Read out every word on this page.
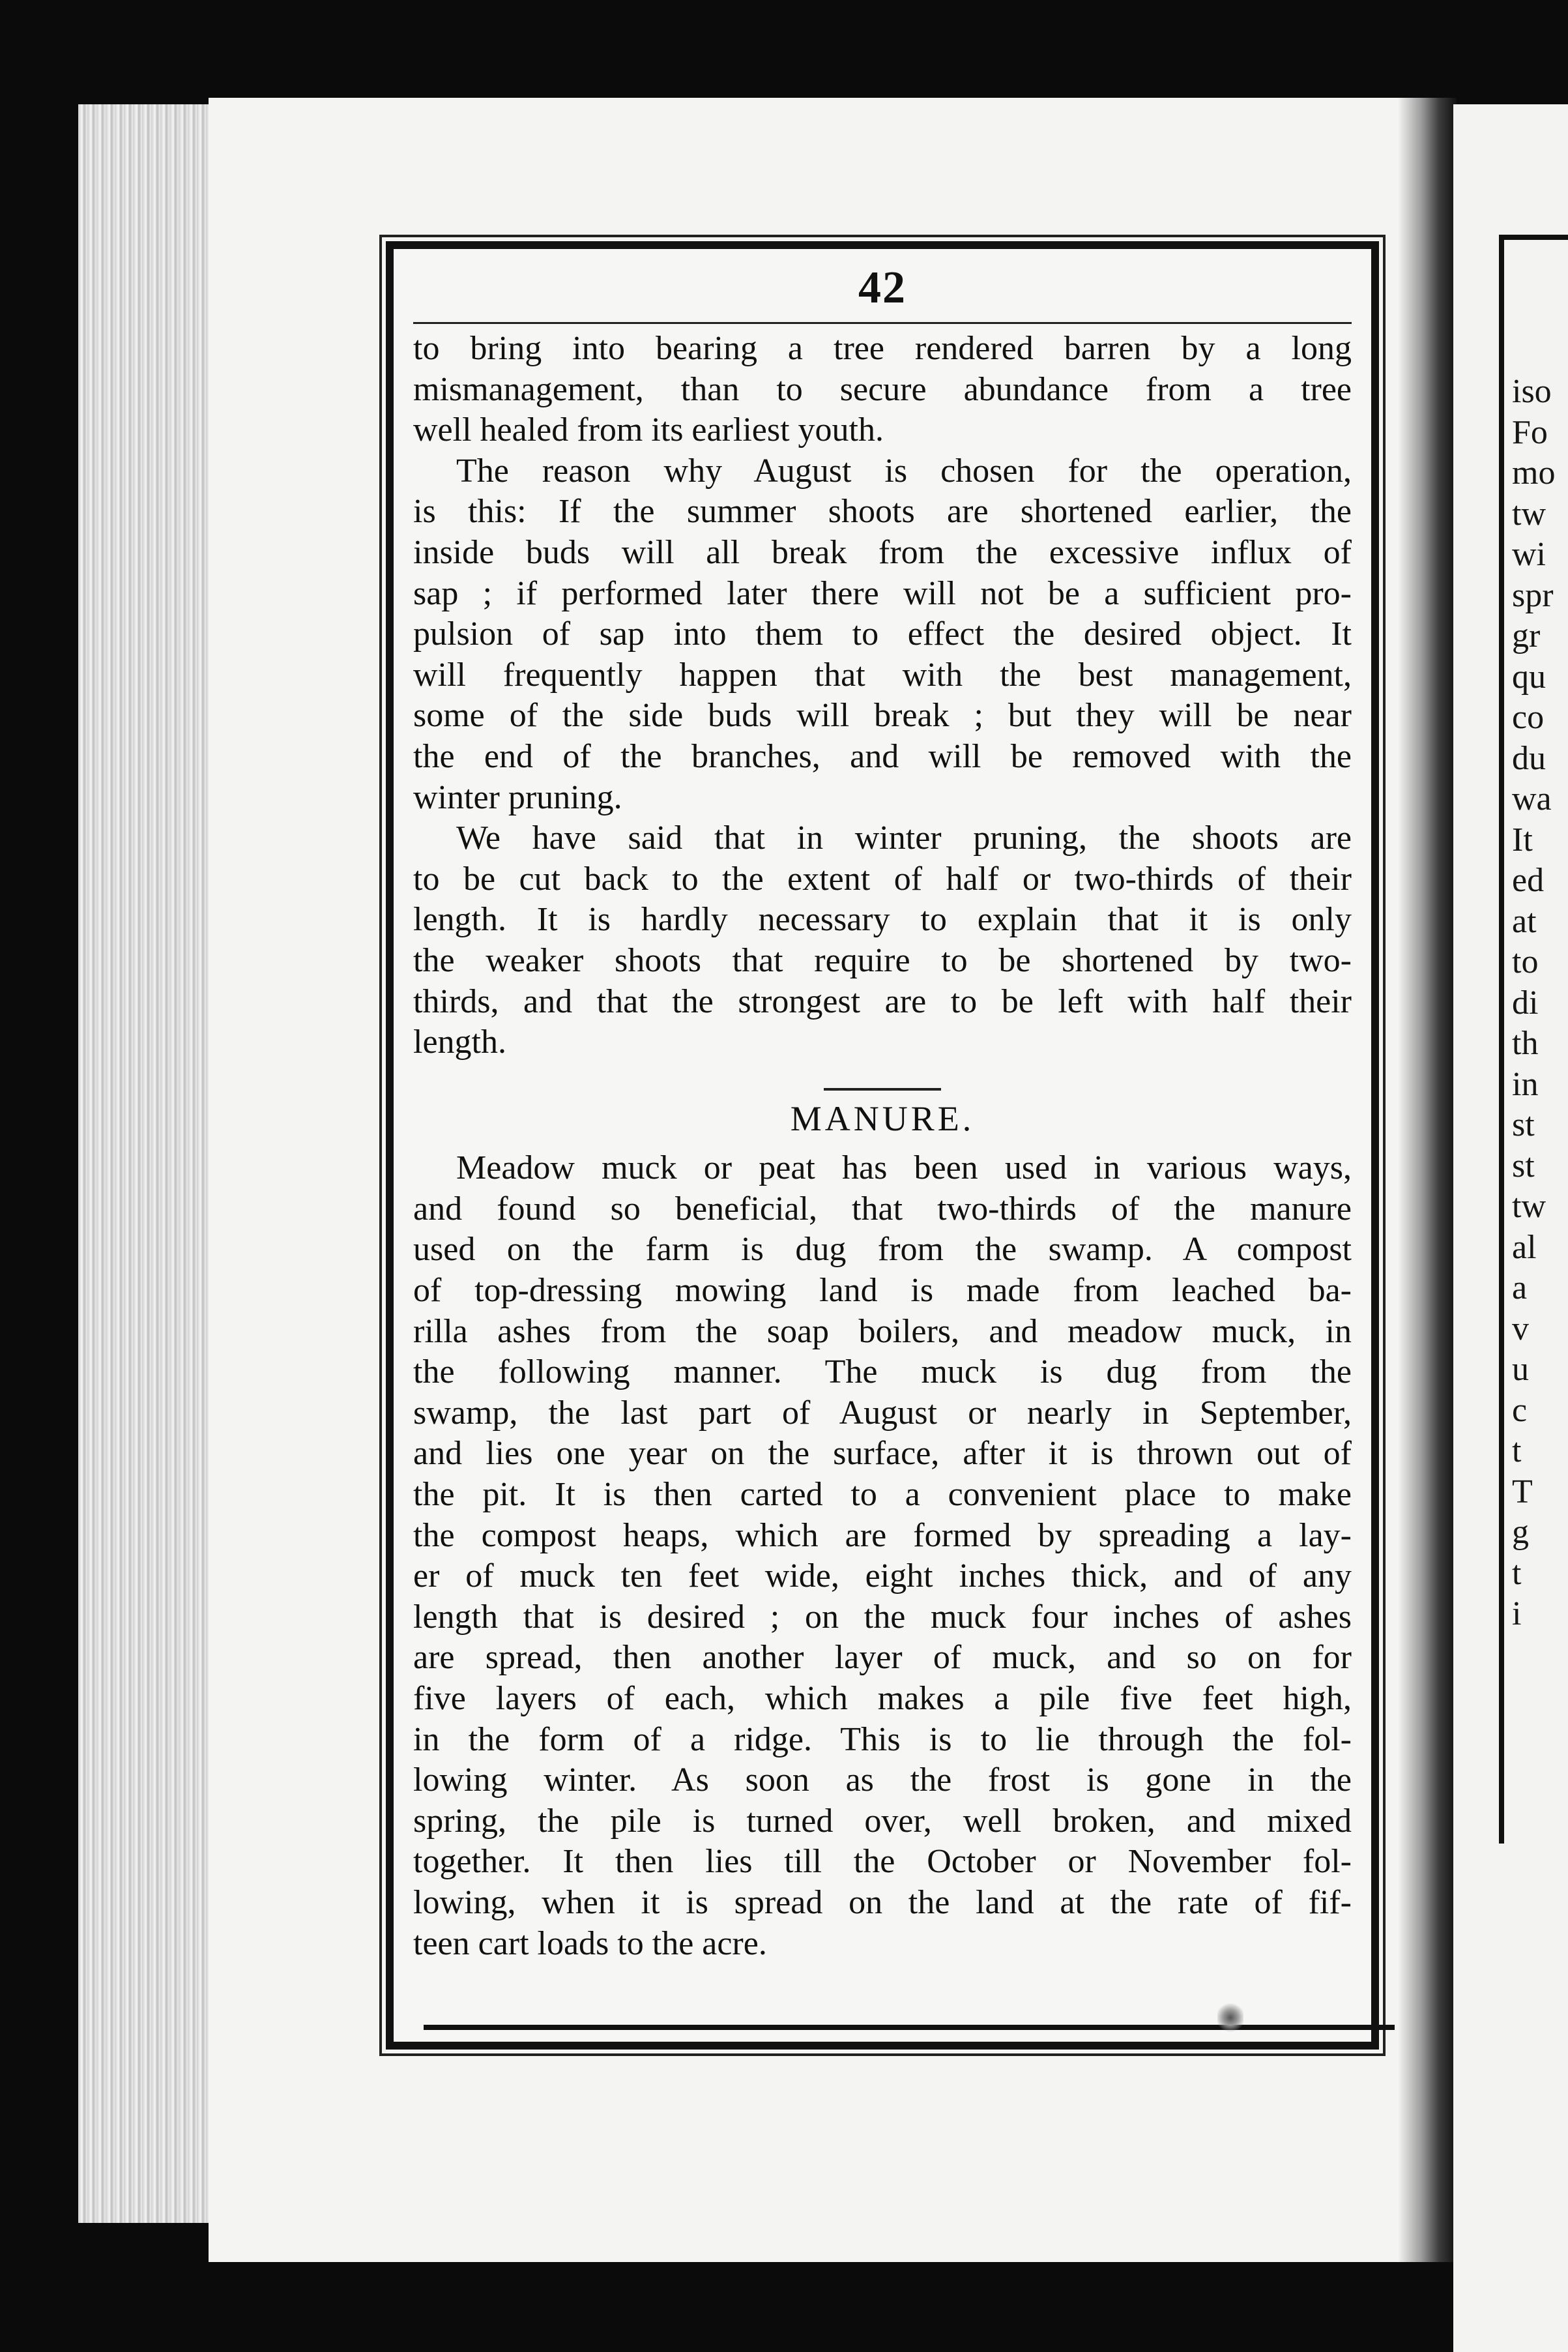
iso
Fo
mo
tw
wi
spr
gr
qu
co
du
wa
It
ed
at
to
di
th
in
st
st
tw
al
a
v
u
c
t
T
g
t
i
42
to bring into bearing a tree rendered barren by a long
mismanagement, than to secure abundance from a tree
well healed from its earliest youth.
The reason why August is chosen for the operation,
is this: If the summer shoots are shortened earlier, the
inside buds will all break from the excessive influx of
sap ; if performed later there will not be a sufficient pro-
pulsion of sap into them to effect the desired object. It
will frequently happen that with the best management,
some of the side buds will break ; but they will be near
the end of the branches, and will be removed with the
winter pruning.
We have said that in winter pruning, the shoots are
to be cut back to the extent of half or two-thirds of their
length. It is hardly necessary to explain that it is only
the weaker shoots that require to be shortened by two-
thirds, and that the strongest are to be left with half their
length.
MANURE.
Meadow muck or peat has been used in various ways,
and found so beneficial, that two-thirds of the manure
used on the farm is dug from the swamp. A compost
of top-dressing mowing land is made from leached ba-
rilla ashes from the soap boilers, and meadow muck, in
the following manner. The muck is dug from the
swamp, the last part of August or nearly in September,
and lies one year on the surface, after it is thrown out of
the pit. It is then carted to a convenient place to make
the compost heaps, which are formed by spreading a lay-
er of muck ten feet wide, eight inches thick, and of any
length that is desired ; on the muck four inches of ashes
are spread, then another layer of muck, and so on for
five layers of each, which makes a pile five feet high,
in the form of a ridge. This is to lie through the fol-
lowing winter. As soon as the frost is gone in the
spring, the pile is turned over, well broken, and mixed
together. It then lies till the October or November fol-
lowing, when it is spread on the land at the rate of fif-
teen cart loads to the acre.
